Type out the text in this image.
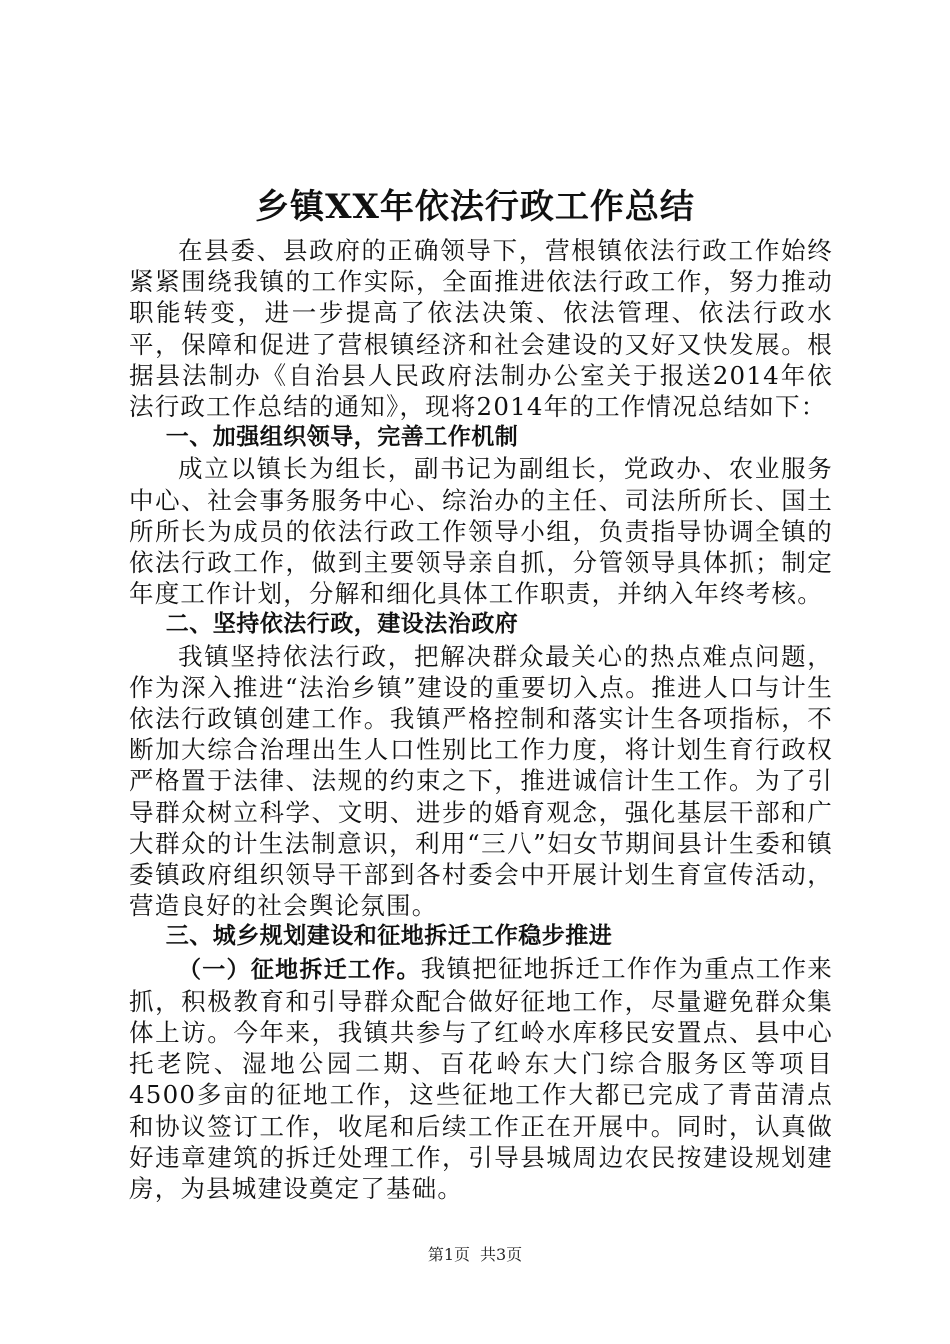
乡镇XX年依法行政工作总结

在县委、县政府的正确领导下，营根镇依法行政工作始终紧紧围绕我镇的工作实际，全面推进依法行政工作，努力推动职能转变，进一步提高了依法决策、依法管理、依法行政水平，保障和促进了营根镇经济和社会建设的又好又快发展。根据县法制办《自治县人民政府法制办公室关于报送2014年依法行政工作总结的通知》，现将2014年的工作情况总结如下：

一、加强组织领导，完善工作机制

成立以镇长为组长，副书记为副组长，党政办、农业服务中心、社会事务服务中心、综治办的主任、司法所所长、国土所所长为成员的依法行政工作领导小组，负责指导协调全镇的依法行政工作，做到主要领导亲自抓，分管领导具体抓；制定年度工作计划，分解和细化具体工作职责，并纳入年终考核。

二、坚持依法行政，建设法治政府

我镇坚持依法行政，把解决群众最关心的热点难点问题，作为深入推进“法治乡镇”建设的重要切入点。推进人口与计生依法行政镇创建工作。我镇严格控制和落实计生各项指标，不断加大综合治理出生人口性别比工作力度，将计划生育行政权严格置于法律、法规的约束之下，推进诚信计生工作。为了引导群众树立科学、文明、进步的婚育观念，强化基层干部和广大群众的计生法制意识，利用“三八”妇女节期间县计生委和镇委镇政府组织领导干部到各村委会中开展计划生育宣传活动，营造良好的社会舆论氛围。

三、城乡规划建设和征地拆迁工作稳步推进

（一）征地拆迁工作。我镇把征地拆迁工作作为重点工作来抓，积极教育和引导群众配合做好征地工作，尽量避免群众集体上访。今年来，我镇共参与了红岭水库移民安置点、县中心托老院、湿地公园二期、百花岭东大门综合服务区等项目4500多亩的征地工作，这些征地工作大都已完成了青苗清点和协议签订工作，收尾和后续工作正在开展中。同时，认真做好违章建筑的拆迁处理工作，引导县城周边农民按建设规划建房，为县城建设奠定了基础。

第1页 共3页
